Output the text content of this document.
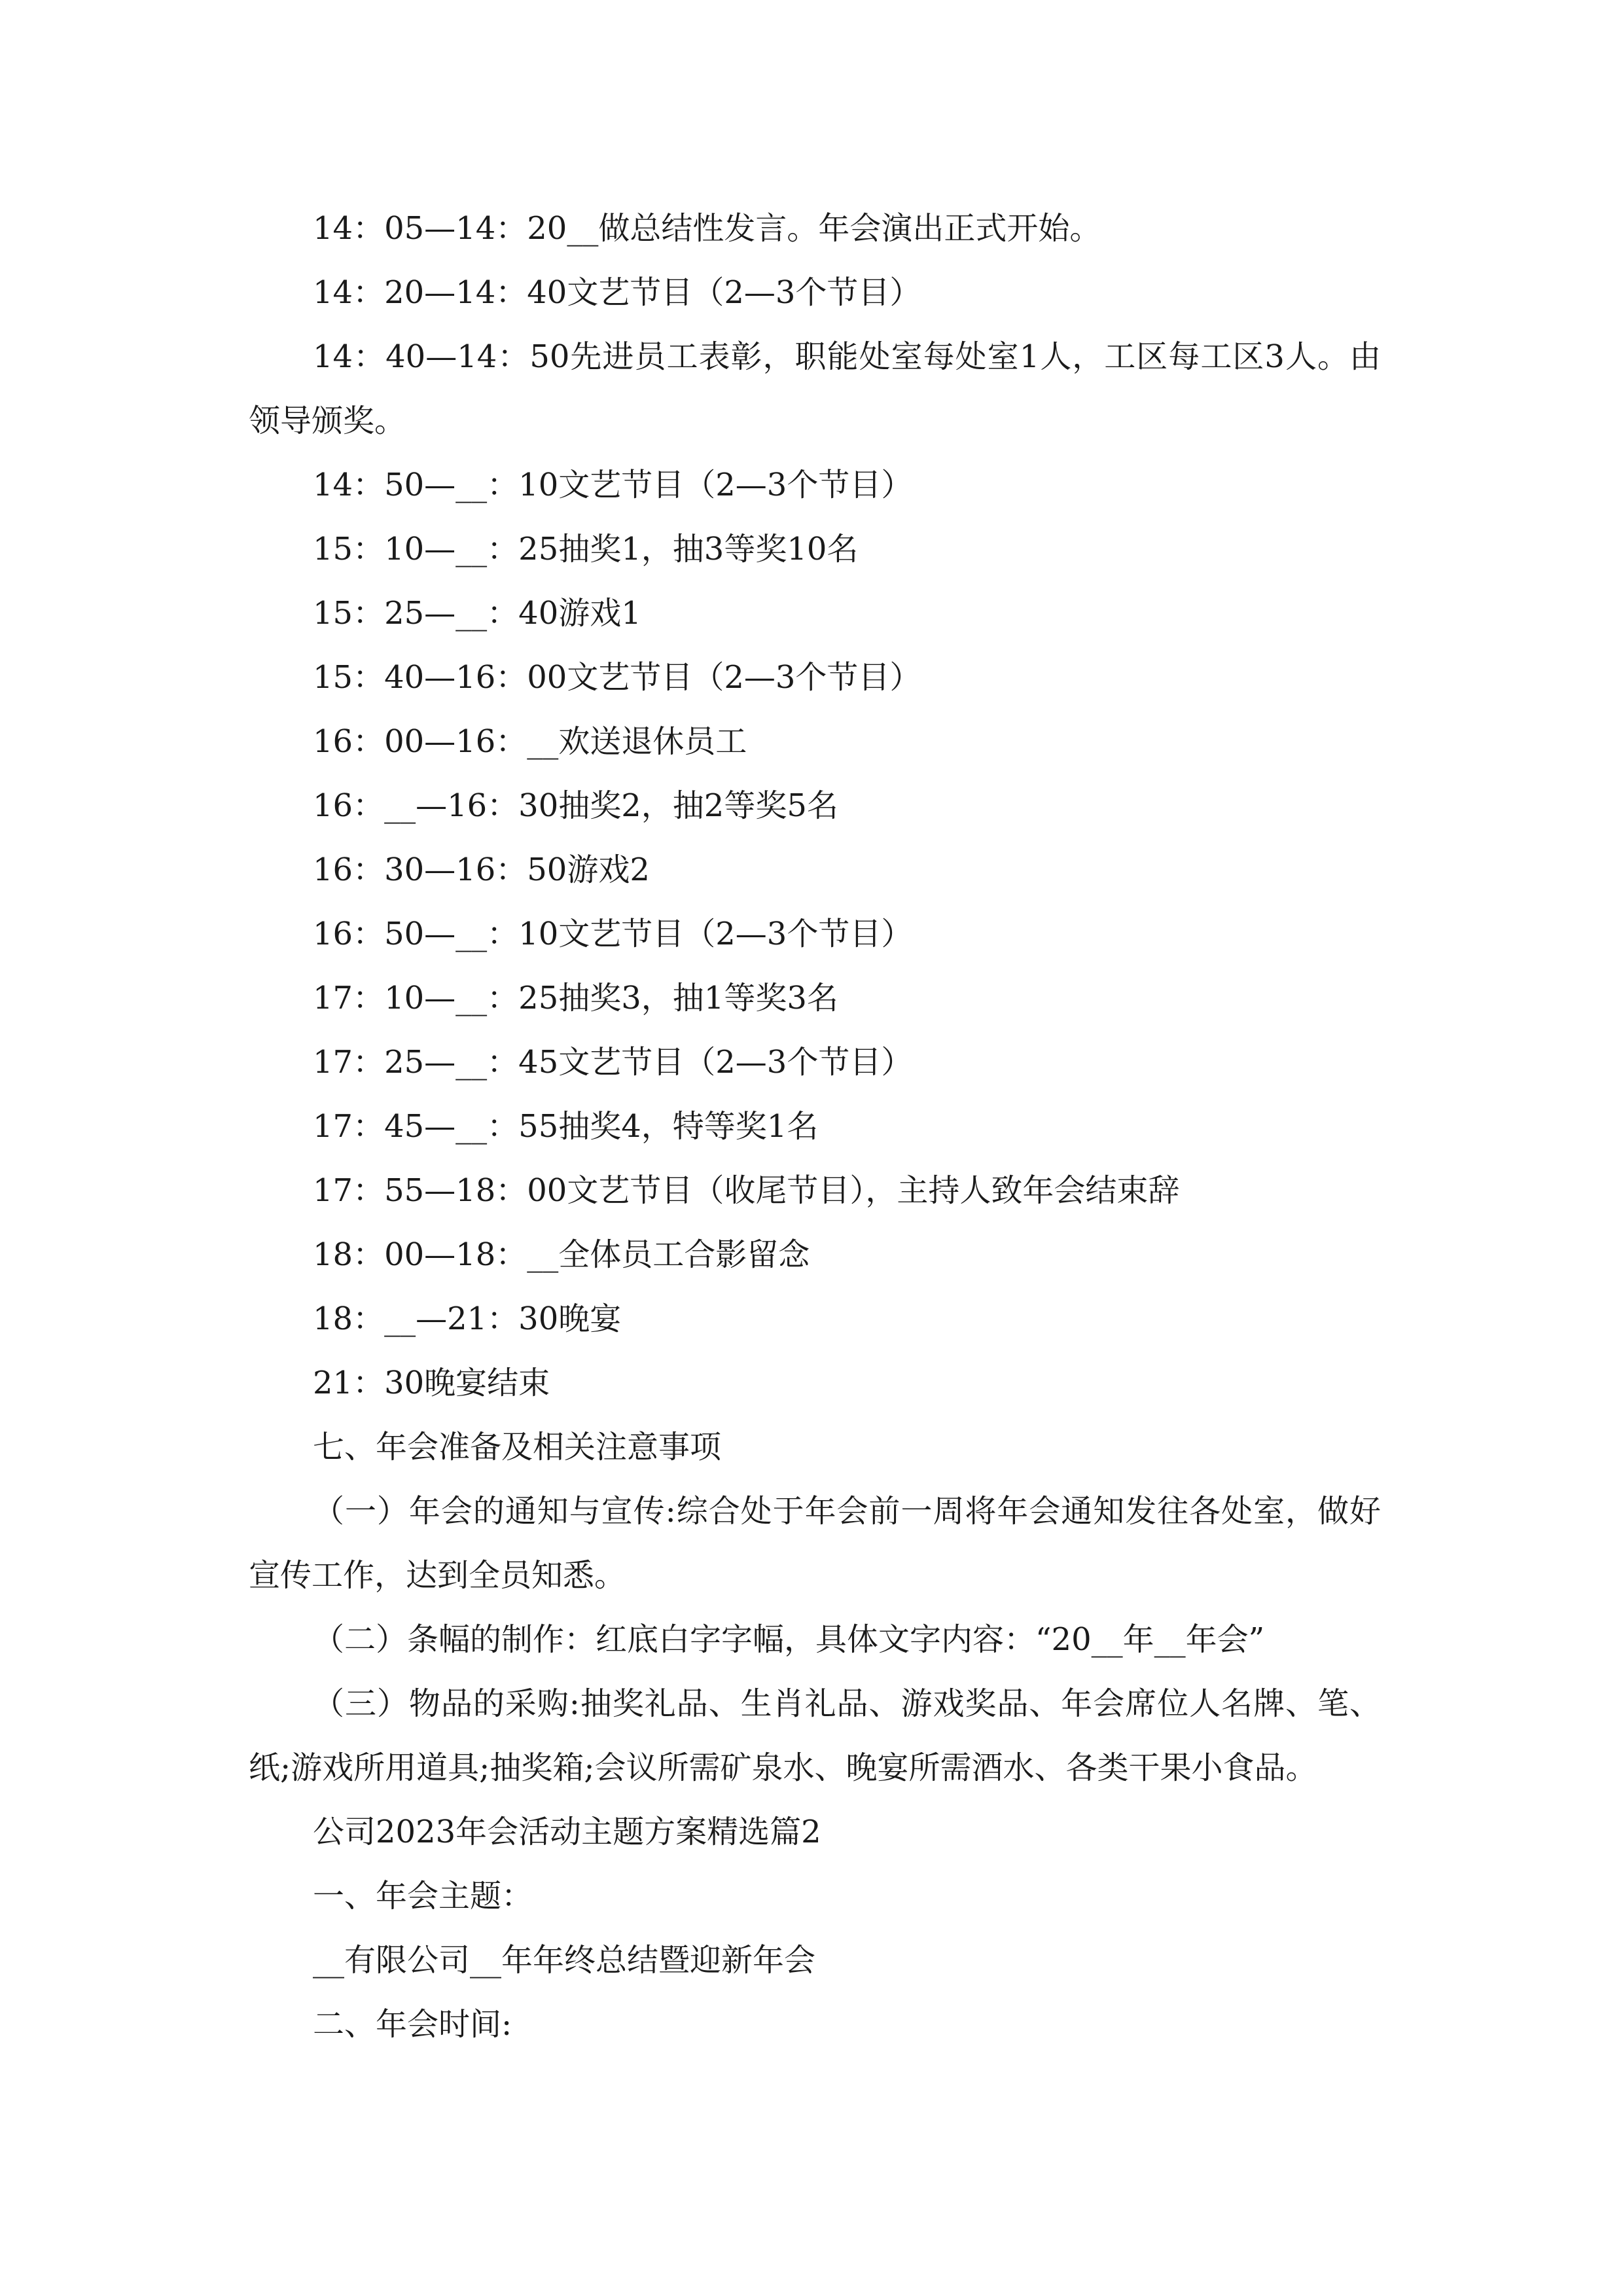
14：05—14：20__做总结性发言。年会演出正式开始。
14：20—14：40文艺节目（2—3个节目）
14：40—14：50先进员工表彰，职能处室每处室1人，工区每工区3人。由领导颁奖。
14：50—__：10文艺节目（2—3个节目）
15：10—__：25抽奖1，抽3等奖10名
15：25—__：40游戏1
15：40—16：00文艺节目（2—3个节目）
16：00—16：__欢送退休员工
16：__—16：30抽奖2，抽2等奖5名
16：30—16：50游戏2
16：50—__：10文艺节目（2—3个节目）
17：10—__：25抽奖3，抽1等奖3名
17：25—__：45文艺节目（2—3个节目）
17：45—__：55抽奖4，特等奖1名
17：55—18：00文艺节目（收尾节目），主持人致年会结束辞
18：00—18：__全体员工合影留念
18：__—21：30晚宴
21：30晚宴结束
七、年会准备及相关注意事项
（一）年会的通知与宣传:综合处于年会前一周将年会通知发往各处室，做好宣传工作，达到全员知悉。
（二）条幅的制作：红底白字字幅，具体文字内容：“20__年__年会”
（三）物品的采购:抽奖礼品、生肖礼品、游戏奖品、年会席位人名牌、笔、纸;游戏所用道具;抽奖箱;会议所需矿泉水、晚宴所需酒水、各类干果小食品。
公司2023年会活动主题方案精选篇2
一、年会主题：
__有限公司__年年终总结暨迎新年会
二、年会时间:
